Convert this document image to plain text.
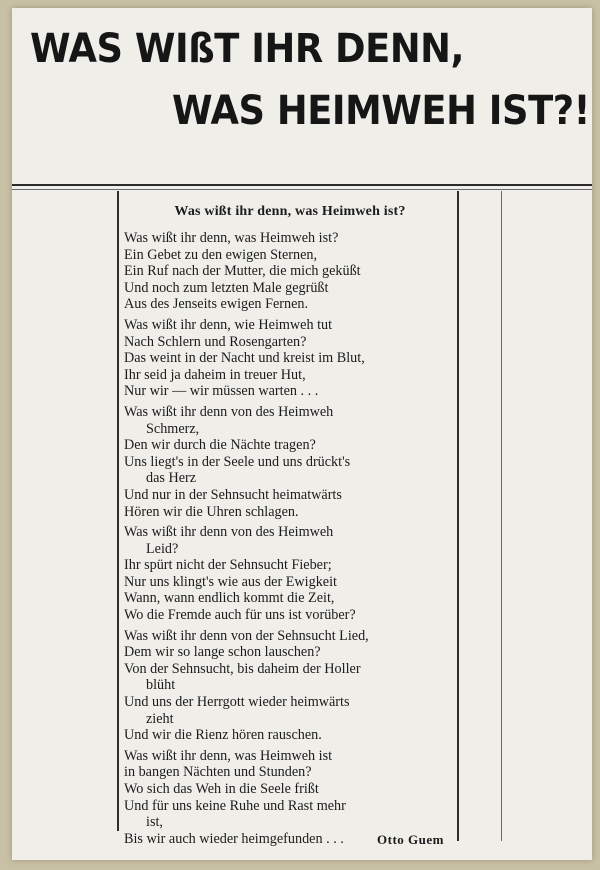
WAS WIßT IHR DENN,
WAS HEIMWEH IST?!
Was wißt ihr denn, was Heimweh ist?
Was wißt ihr denn, was Heimweh ist?
Ein Gebet zu den ewigen Sternen,
Ein Ruf nach der Mutter, die mich geküßt
Und noch zum letzten Male gegrüßt
Aus des Jenseits ewigen Fernen.
Was wißt ihr denn, wie Heimweh tut
Nach Schlern und Rosengarten?
Das weint in der Nacht und kreist im Blut,
Ihr seid ja daheim in treuer Hut,
Nur wir — wir müssen warten . . .
Was wißt ihr denn von des Heimweh
Schmerz,
Den wir durch die Nächte tragen?
Uns liegt's in der Seele und uns drückt's
das Herz
Und nur in der Sehnsucht heimatwärts
Hören wir die Uhren schlagen.
Was wißt ihr denn von des Heimweh
Leid?
Ihr spürt nicht der Sehnsucht Fieber;
Nur uns klingt's wie aus der Ewigkeit
Wann, wann endlich kommt die Zeit,
Wo die Fremde auch für uns ist vorüber?
Was wißt ihr denn von der Sehnsucht Lied,
Dem wir so lange schon lauschen?
Von der Sehnsucht, bis daheim der Holler
blüht
Und uns der Herrgott wieder heimwärts
zieht
Und wir die Rienz hören rauschen.
Was wißt ihr denn, was Heimweh ist
in bangen Nächten und Stunden?
Wo sich das Weh in die Seele frißt
Und für uns keine Ruhe und Rast mehr
ist,
Bis wir auch wieder heimgefunden . . .	Otto Guem
